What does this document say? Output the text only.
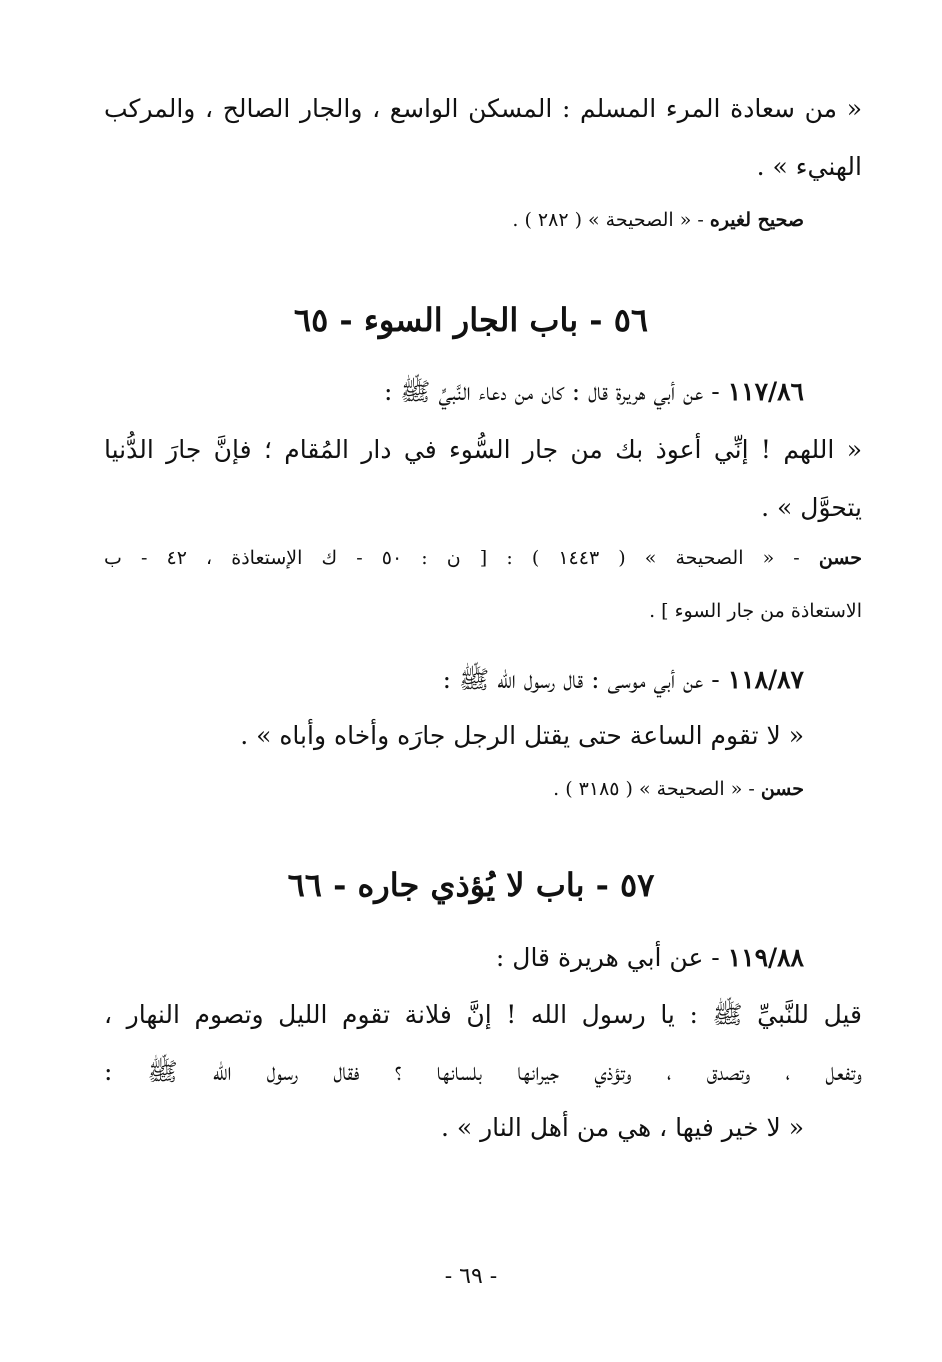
« من سعادة المرء المسلم : المسكن الواسع ، والجار الصالح ، والمركب
الهنيء » .
صحيح لغيره - « الصحيحة » ( ٢٨٢ ) .
٥٦ - باب الجار السوء - ٦٥
١١٧/٨٦ - عن أبي هريرة قال : كان من دعاء النَّبيِّ ﷺ :
« اللهم ! إنِّي أعوذ بك من جار السُّوء في دار المُقام ؛ فإنَّ جارَ الدُّنيا
يتحوَّل » .
حسن - « الصحيحة » ( ١٤٤٣ ) : [ ن : ٥٠ - ك الإستعاذة ، ٤٢ - ب
الاستعاذة من جار السوء ] .
١١٨/٨٧ - عن أبي موسى : قال رسول الله ﷺ :
« لا تقوم الساعة حتى يقتل الرجل جارَه وأخاه وأباه » .
حسن - « الصحيحة » ( ٣١٨٥ ) .
٥٧ - باب لا يُؤذي جاره - ٦٦
١١٩/٨٨ - عن أبي هريرة قال :
قيل للنَّبيِّ ﷺ : يا رسول الله ! إنَّ فلانة تقوم الليل وتصوم النهار ،
وتفعل ، وتصدق ، وتؤذي جيرانها بلسانها ؟ فقال رسول الله ﷺ :
« لا خير فيها ، هي من أهل النار » .
- ٦٩ -
